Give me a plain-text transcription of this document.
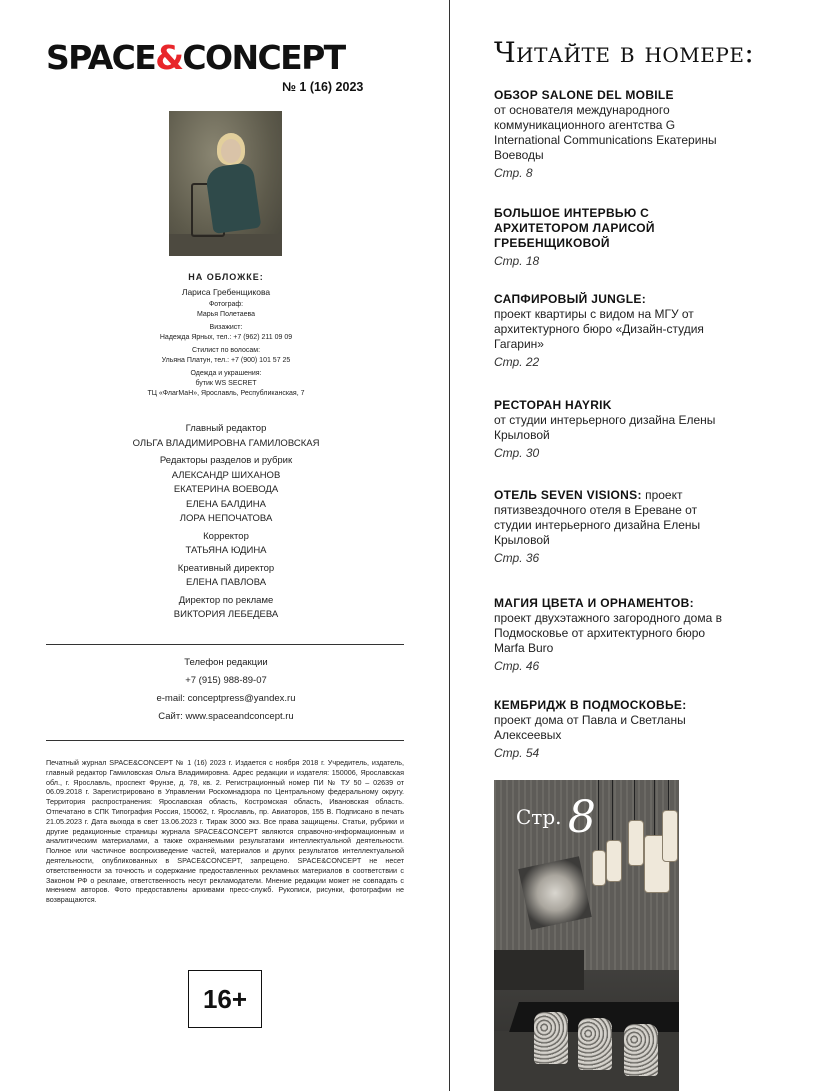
SPACE&CONCEPT
№ 1 (16) 2023
НА ОБЛОЖКЕ:
Лариса Гребенщикова
Фотограф:
Марья Полетаева
Визажист:
Надежда Ярных, тел.: +7 (962) 211 09 09
Стилист по волосам:
Ульяна Платун, тел.: +7 (900) 101 57 25
Одежда и украшения:
бутик WS SECRET
ТЦ «ФлагМаН», Ярославль, Республиканская, 7
Главный редактор
ОЛЬГА ВЛАДИМИРОВНА ГАМИЛОВСКАЯ
Редакторы разделов и рубрик
АЛЕКСАНДР ШИХАНОВ
ЕКАТЕРИНА ВОЕВОДА
ЕЛЕНА БАЛДИНА
ЛОРА НЕПОЧАТОВА
Корректор
ТАТЬЯНА ЮДИНА
Креативный директор
ЕЛЕНА ПАВЛОВА
Директор по рекламе
ВИКТОРИЯ ЛЕБЕДЕВА
Телефон редакции
+7 (915) 988-89-07
e-mail: conceptpress@yandex.ru
Сайт: www.spaceandconcept.ru
Печатный журнал SPACE&CONCEPT № 1 (16) 2023 г. Издается с ноября 2018 г. Учредитель, издатель, главный редактор Гамиловская Ольга Владимировна. Адрес редакции и издателя: 150006, Ярославская обл., г. Ярославль, проспект Фрунзе, д. 78, кв. 2. Регистрационный номер ПИ № ТУ 50 – 02639 от 06.09.2018 г. Зарегистрировано в Управлении Роскомнадзора по Центральному федеральному округу. Территория распространения: Ярославская область, Костромская область, Ивановская область. Отпечатано в СПК Типография Россия, 150062, г. Ярославль, пр. Авиаторов, 155 В. Подписано в печать 21.05.2023 г. Дата выхода в свет 13.06.2023 г. Тираж 3000 экз. Все права защищены. Статьи, рубрики и другие редакционные страницы журнала SPACE&CONCEPT являются справочно-информационным и аналитическим материалами, а также охраняемыми результатами интеллектуальной деятельности. Полное или частичное воспроизведение частей, материалов и других результатов интеллектуальной деятельности, опубликованных в SPACE&CONCEPT, запрещено. SPACE&CONCEPT не несет ответственности за точность и содержание предоставленных рекламных материалов в соответствии с Законом РФ о рекламе, ответственность несут рекламодатели. Мнение редакции может не совпадать с мнением авторов. Фото предоставлены архивами пресс-служб. Рукописи, рисунки, фотографии не возвращаются.
16+
Читайте в номере:
ОБЗОР SALONE DEL MOBILE
от основателя международного коммуникационного агентства G International Communications Екатерины Воеводы
Стр. 8
БОЛЬШОЕ ИНТЕРВЬЮ С АРХИТЕТОРОМ ЛАРИСОЙ ГРЕБЕНЩИКОВОЙ
Стр. 18
САПФИРОВЫЙ JUNGLE:
проект квартиры с видом на МГУ от архитектурного бюро «Дизайн-студия Гагарин»
Стр. 22
РЕСТОРАН HAYRIK
от студии интерьерного дизайна Елены Крыловой
Стр. 30
ОТЕЛЬ SEVEN VISIONS: проект пятизвездочного отеля в Ереване от студии интерьерного дизайна Елены Крыловой
Стр. 36
МАГИЯ ЦВЕТА И ОРНАМЕНТОВ:
проект двухэтажного загородного дома в Подмосковье от архитектурного бюро Marfa Buro
Стр. 46
КЕМБРИДЖ В ПОДМОСКОВЬЕ:
проект дома от Павла и Светланы Алексеевых
Стр. 54
Стр. 8
